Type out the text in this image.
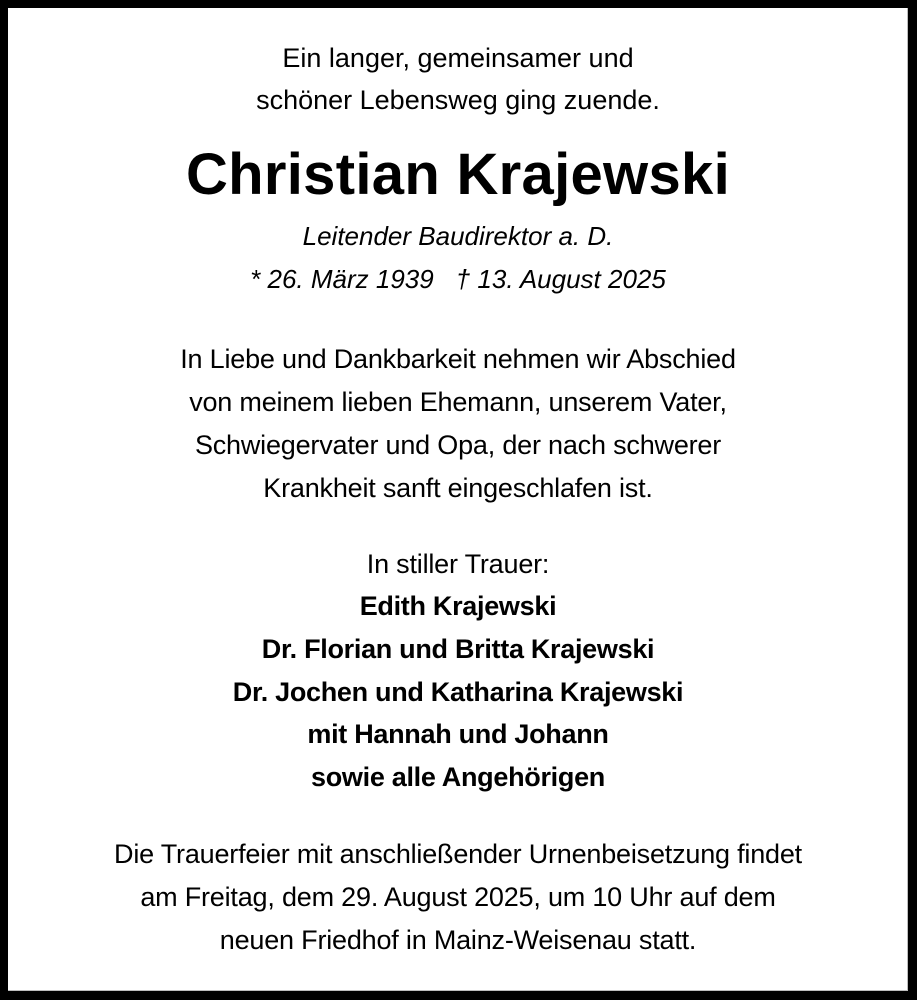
Ein langer, gemeinsamer und
schöner Lebensweg ging zuende.
Christian Krajewski
Leitender Baudirektor a. D.
* 26. März 1939 † 13. August 2025
In Liebe und Dankbarkeit nehmen wir Abschied
von meinem lieben Ehemann, unserem Vater,
Schwiegervater und Opa, der nach schwerer
Krankheit sanft eingeschlafen ist.
In stiller Trauer:
Edith Krajewski
Dr. Florian und Britta Krajewski
Dr. Jochen und Katharina Krajewski
mit Hannah und Johann
sowie alle Angehörigen
Die Trauerfeier mit anschließender Urnenbeisetzung findet
am Freitag, dem 29. August 2025, um 10 Uhr auf dem
neuen Friedhof in Mainz-Weisenau statt.
